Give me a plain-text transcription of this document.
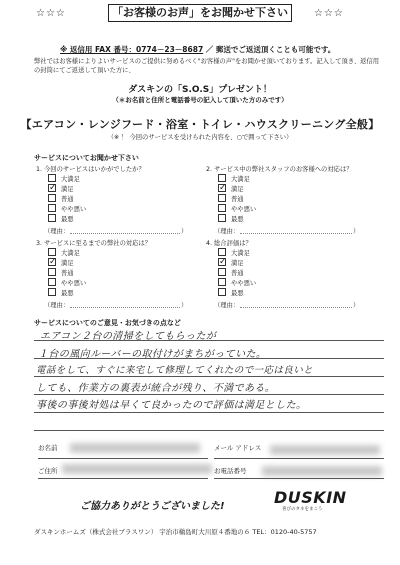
☆☆☆	「お客様のお声」をお聞かせ下さい	☆☆☆
※ 返信用 FAX 番号：0774－23－8687 ／ 郵送でご返送頂くことも可能です。
弊社ではお客様によりよいサービスのご提供に努めるべく"お客様の声"をお聞かせ頂いております。記入して頂き、返信用の封筒にてご返送して頂いた方に、
ダスキンの「S.O.S」プレゼント！
（＊お名前と住所と電話番号の記入して頂いた方のみです）
【エアコン・レンジフード・浴室・トイレ・ハウスクリーニング全般】
（※ ！ 今回のサービスを受けられた内容を、○で囲って下さい）
サービスについてお聞かせ下さい
1. 今回のサービスはいかがでしたか？
大満足
✓ 満足
普通
やや悪い
最悪
（理由：	）
2. サービス中の弊社スタッフのお客様への対応は？
大満足
✓ 満足
普通
やや悪い
最悪
（理由：	）
3. サービスに至るまでの弊社の対応は？
大満足
✓ 満足
普通
やや悪い
最悪
（理由：	）
4. 総合評価は？
大満足
✓ 満足
普通
やや悪い
最悪
（理由：	）
サービスについてのご意見・お気づきの点など
エアコン２台の清掃をしてもらったが
１台の風向ルーバーの取付けがまちがっていた。
電話をして、すぐに来宅して修理してくれたので一応は良いと
しても、作業方の裏表が統合が残り、不満である。
事後の事後対処は早くて良かったので評価は満足とした。
お名前	メール アドレス
ご住所	お電話番号
ご協力ありがとうございました!	DUSKIN
喜びのタネをまこう
ダスキンホームズ（株式会社ブラスワン） 宇治市槇島町大川原４番地の６ TEL：0120-40-5757
